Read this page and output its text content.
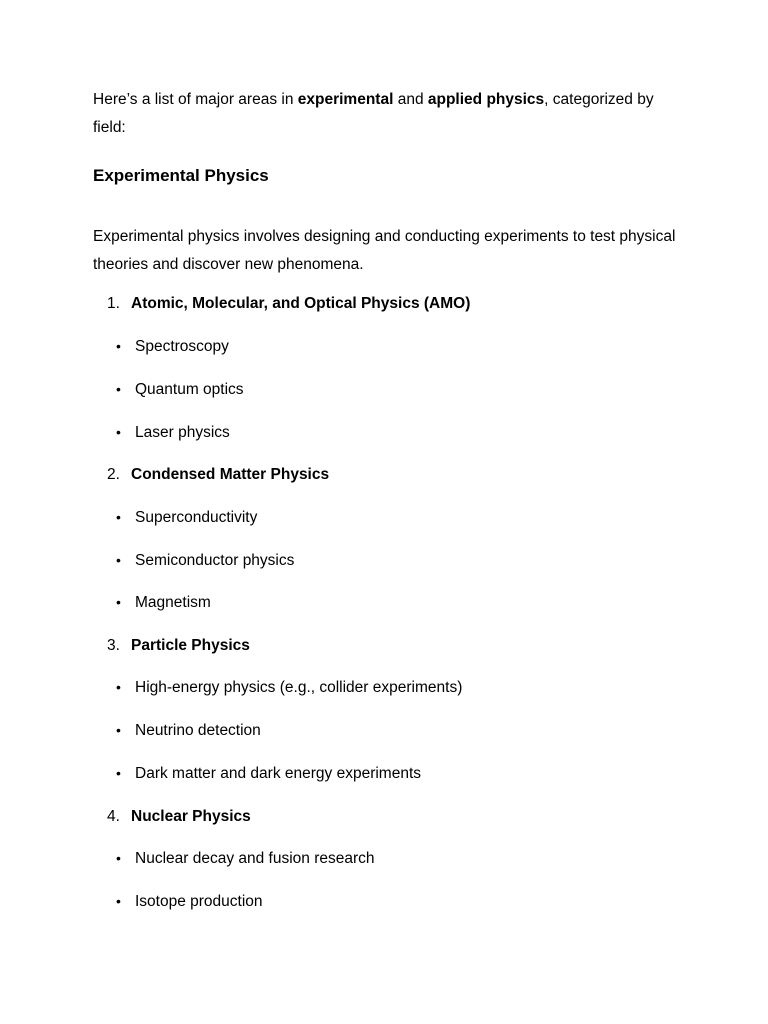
Here’s a list of major areas in experimental and applied physics, categorized by field:

Experimental Physics

Experimental physics involves designing and conducting experiments to test physical theories and discover new phenomena.

1. Atomic, Molecular, and Optical Physics (AMO)

• Spectroscopy

• Quantum optics

• Laser physics

2. Condensed Matter Physics

• Superconductivity

• Semiconductor physics

• Magnetism

3. Particle Physics

• High-energy physics (e.g., collider experiments)

• Neutrino detection

• Dark matter and dark energy experiments

4. Nuclear Physics

• Nuclear decay and fusion research

• Isotope production
